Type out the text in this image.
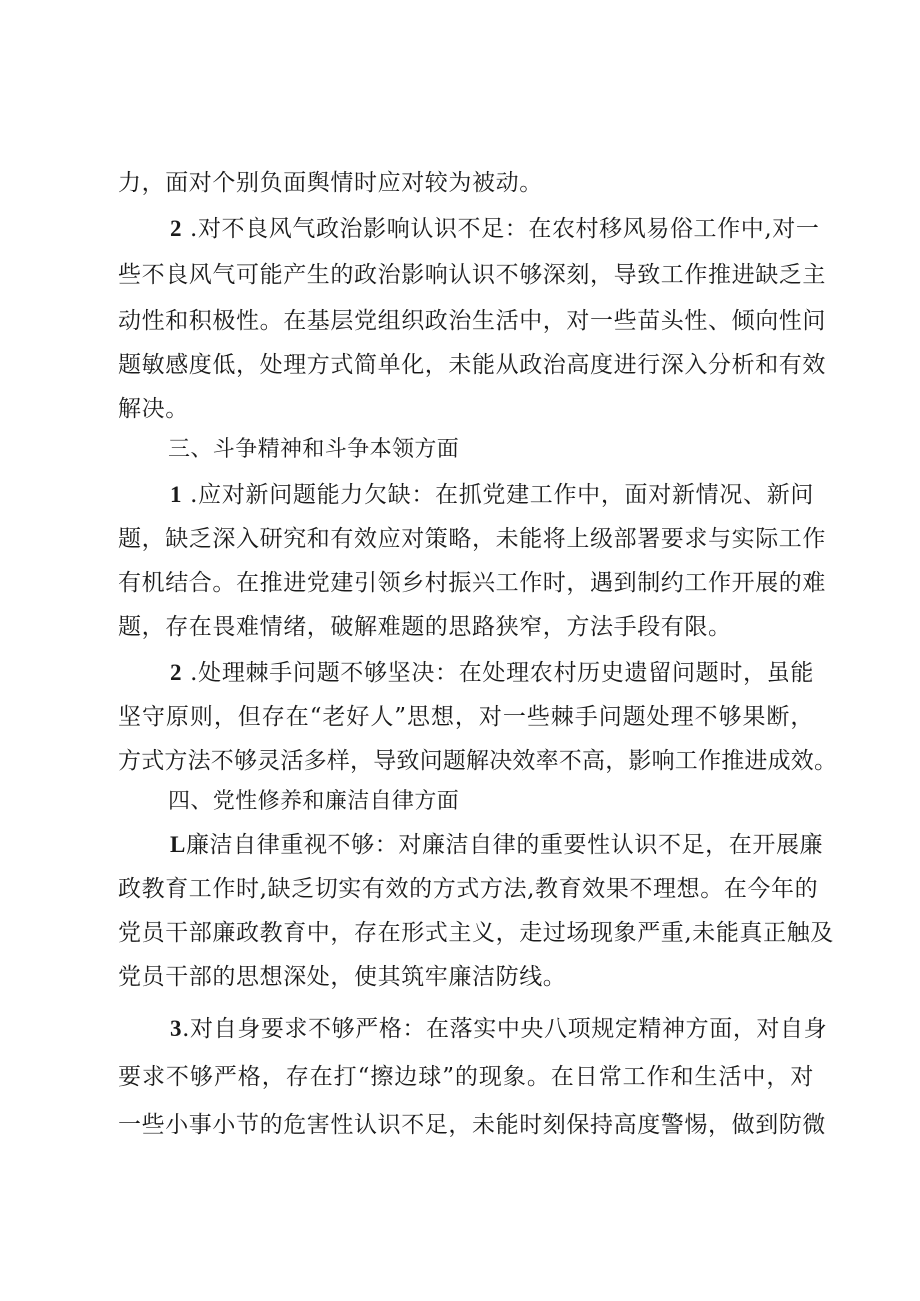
力，面对个别负面舆情时应对较为被动。
2 .对不良风气政治影响认识不足：在农村移风易俗工作中,对一
些不良风气可能产生的政治影响认识不够深刻，导致工作推进缺乏主
动性和积极性。在基层党组织政治生活中，对一些苗头性、倾向性问
题敏感度低，处理方式简单化，未能从政治高度进行深入分析和有效
解决。
三、斗争精神和斗争本领方面
1 .应对新问题能力欠缺：在抓党建工作中，面对新情况、新问
题，缺乏深入研究和有效应对策略，未能将上级部署要求与实际工作
有机结合。在推进党建引领乡村振兴工作时，遇到制约工作开展的难
题，存在畏难情绪，破解难题的思路狭窄，方法手段有限。
2 .处理棘手问题不够坚决：在处理农村历史遗留问题时，虽能
坚守原则，但存在“老好人”思想，对一些棘手问题处理不够果断，
方式方法不够灵活多样，导致问题解决效率不高，影响工作推进成效。
四、党性修养和廉洁自律方面
L廉洁自律重视不够：对廉洁自律的重要性认识不足，在开展廉
政教育工作时,缺乏切实有效的方式方法,教育效果不理想。在今年的
党员干部廉政教育中，存在形式主义，走过场现象严重,未能真正触及
党员干部的思想深处，使其筑牢廉洁防线。
3.对自身要求不够严格：在落实中央八项规定精神方面，对自身
要求不够严格，存在打“擦边球”的现象。在日常工作和生活中，对
一些小事小节的危害性认识不足，未能时刻保持高度警惕，做到防微
